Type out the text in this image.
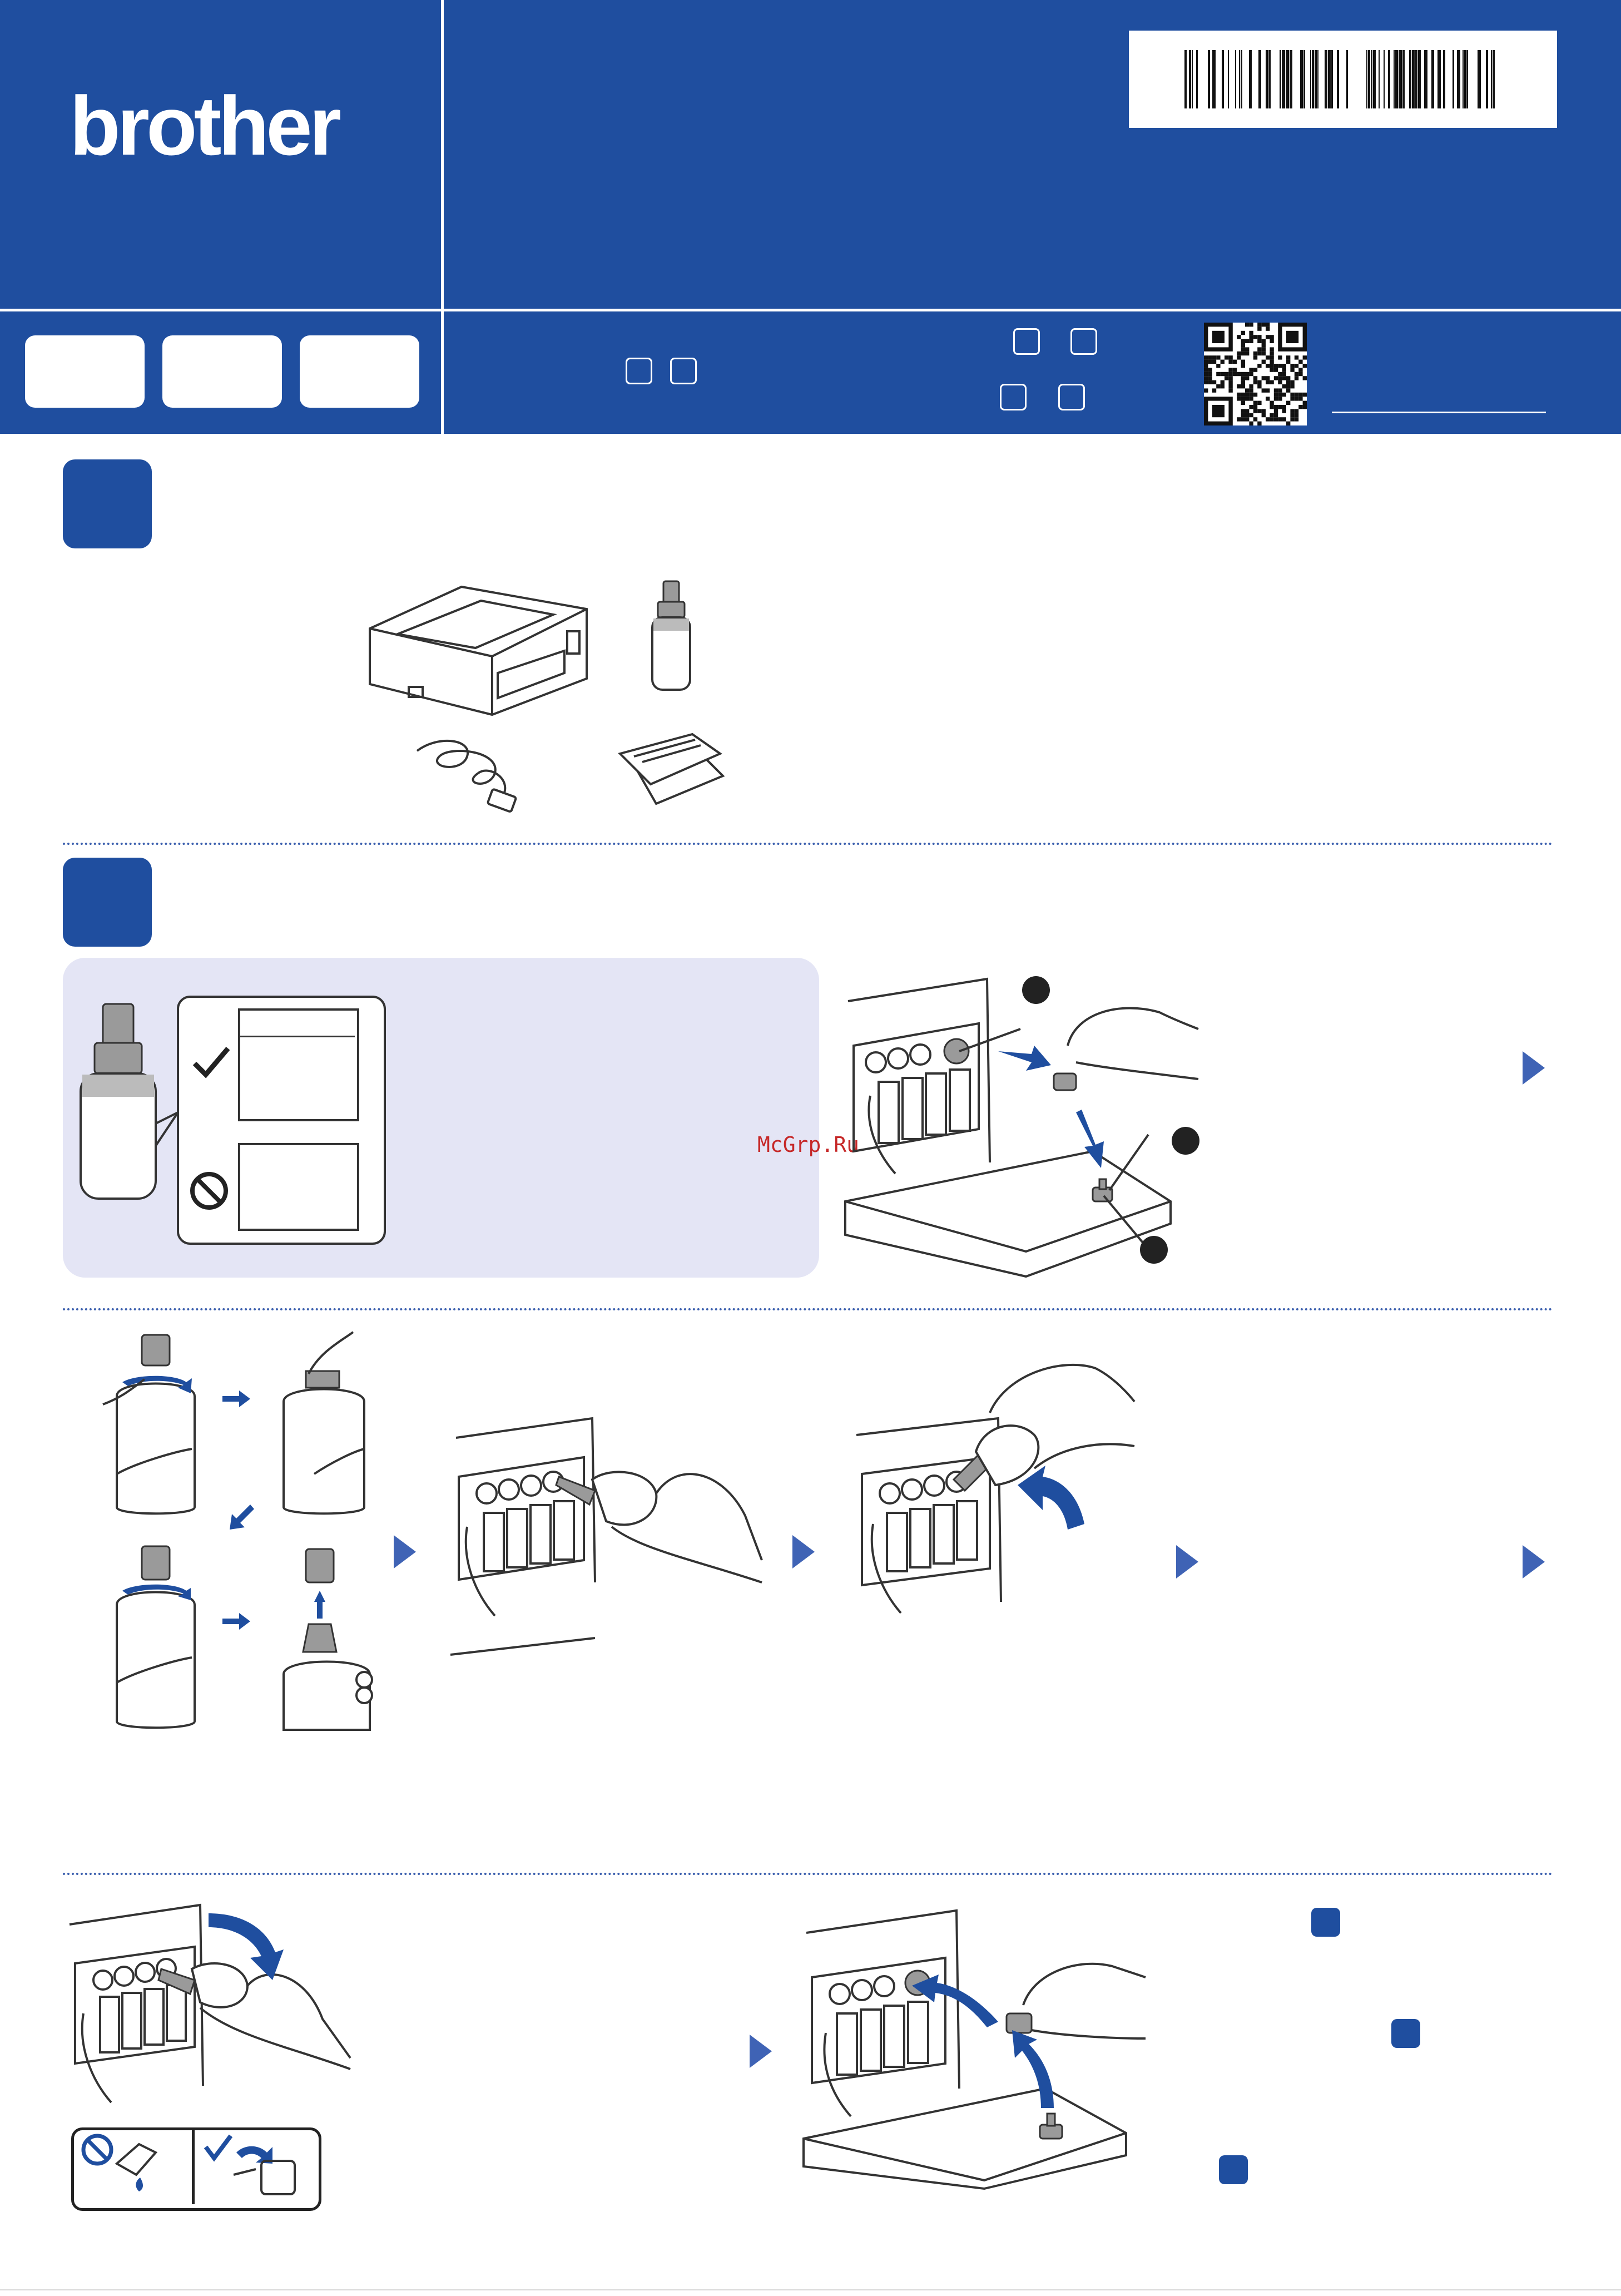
brother
McGrp.Ru
